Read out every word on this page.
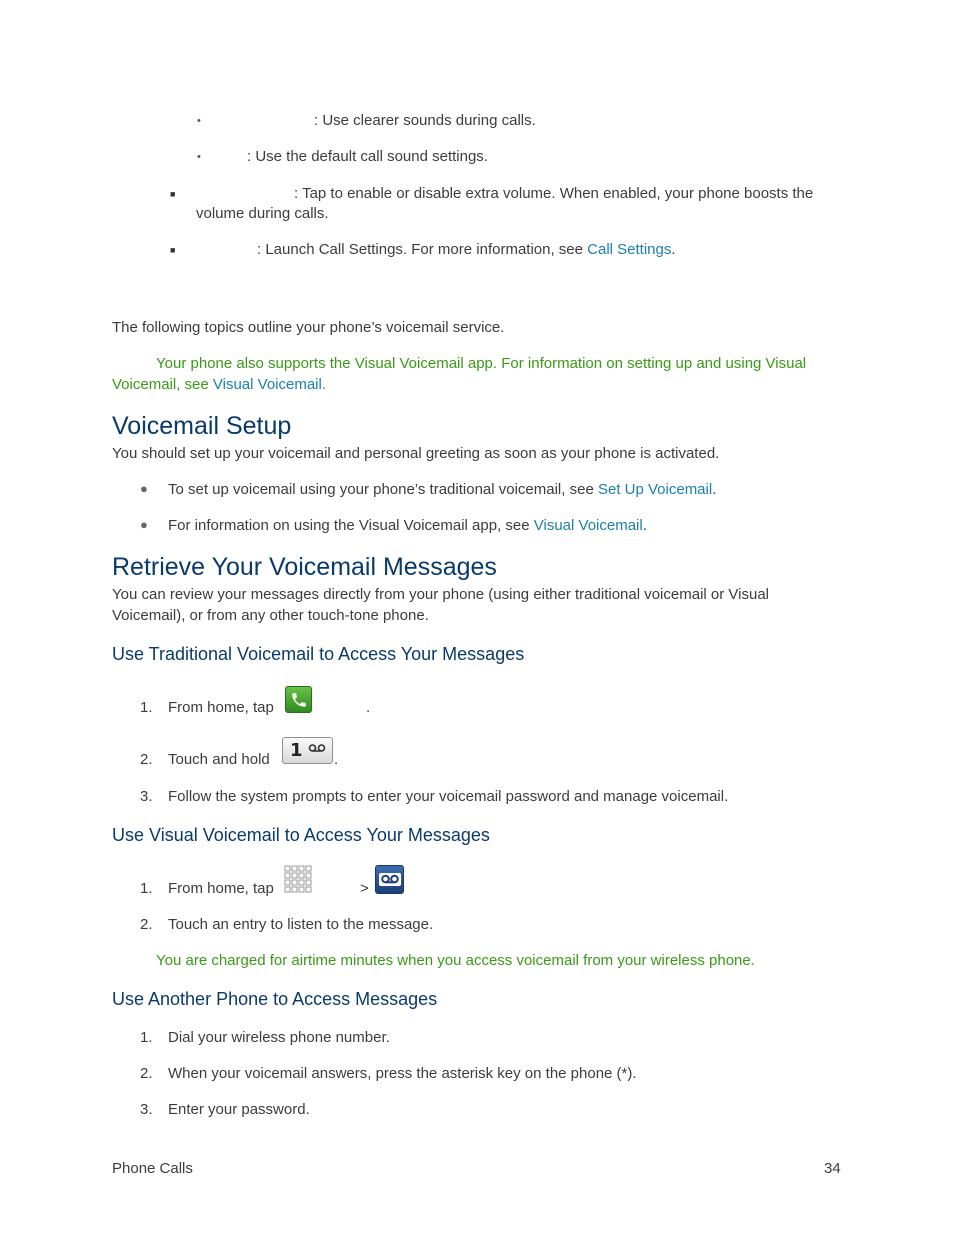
•	: Use clearer sounds during calls.
•	: Use the default call sound settings.
■	: Tap to enable or disable extra volume. When enabled, your phone boosts the
volume during calls.
■	: Launch Call Settings. For more information, see Call Settings.
The following topics outline your phone’s voicemail service.
Your phone also supports the Visual Voicemail app. For information on setting up and using Visual
Voicemail, see Visual Voicemail.
Voicemail Setup
You should set up your voicemail and personal greeting as soon as your phone is activated.
● To set up voicemail using your phone’s traditional voicemail, see Set Up Voicemail.
● For information on using the Visual Voicemail app, see Visual Voicemail.
Retrieve Your Voicemail Messages
You can review your messages directly from your phone (using either traditional voicemail or Visual
Voicemail), or from any other touch-tone phone.
Use Traditional Voicemail to Access Your Messages
1. From home, tap	.
2. Touch and hold 1 .
3. Follow the system prompts to enter your voicemail password and manage voicemail.
Use Visual Voicemail to Access Your Messages
1. From home, tap	>
2. Touch an entry to listen to the message.
You are charged for airtime minutes when you access voicemail from your wireless phone.
Use Another Phone to Access Messages
1. Dial your wireless phone number.
2. When your voicemail answers, press the asterisk key on the phone (*).
3. Enter your password.
Phone Calls	34
